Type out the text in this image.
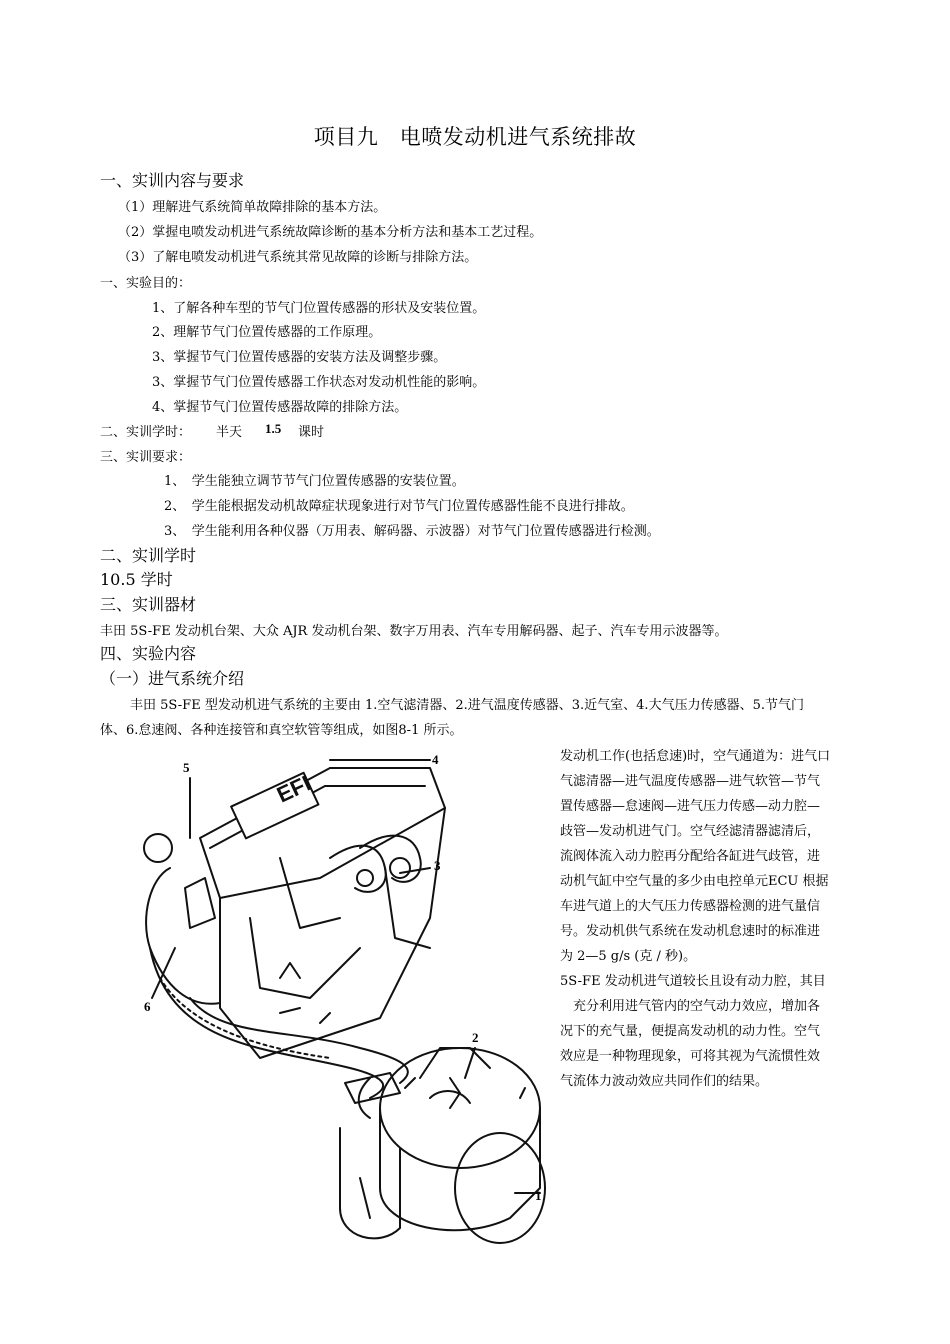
项目九　电喷发动机进气系统排故
一、实训内容与要求
（1）理解进气系统简单故障排除的基本方法。
（2）掌握电喷发动机进气系统故障诊断的基本分析方法和基本工艺过程。
（3）了解电喷发动机进气系统其常见故障的诊断与排除方法。
一、实验目的：
1、了解各种车型的节气门位置传感器的形状及安装位置。
2、理解节气门位置传感器的工作原理。
3、掌握节气门位置传感器的安装方法及调整步骤。
3、掌握节气门位置传感器工作状态对发动机性能的影响。
4、掌握节气门位置传感器故障的排除方法。
二、实训学时： 半天 1.5 课时
三、实训要求：
1、　学生能独立调节节气门位置传感器的安装位置。
2、　学生能根据发动机故障症状现象进行对节气门位置传感器性能不良进行排故。
3、　学生能利用各种仪器（万用表、解码器、示波器）对节气门位置传感器进行检测。
二、实训学时
10.5 学时
三、实训器材
丰田 5S-FE 发动机台架、大众 AJR 发动机台架、数字万用表、汽车专用解码器、起子、汽车专用示波器等。
四、实验内容
（一）进气系统介绍
丰田 5S-FE 型发动机进气系统的主要由 1.空气滤清器、2.进气温度传感器、3.近气室、4.大气压力传感器、5.节气门
体、6.怠速阀、各种连接管和真空软管等组成，如图8-1 所示。
发动机工作(也括怠速)时，空气通道为：进气口
气滤清器—进气温度传感器—进气软管—节气
置传感器—怠速阀—进气压力传感—动力腔—
歧管—发动机进气门。空气经滤清器滤清后，
流阀体流入动力腔再分配给各缸进气歧管，进
动机气缸中空气量的多少由电控单元ECU 根据
车进气道上的大气压力传感器检测的进气量信
号。发动机供气系统在发动机怠速时的标准进
为 2—5 g/s (克 / 秒)。
5S-FE 发动机进气道较长且设有动力腔，其目
　充分利用进气管内的空气动力效应，增加各
况下的充气量，便提高发动机的动力性。空气
效应是一种物理现象，可将其视为气流惯性效
气流体力波动效应共同作们的结果。
EFI
1
2
3
4
5
6
